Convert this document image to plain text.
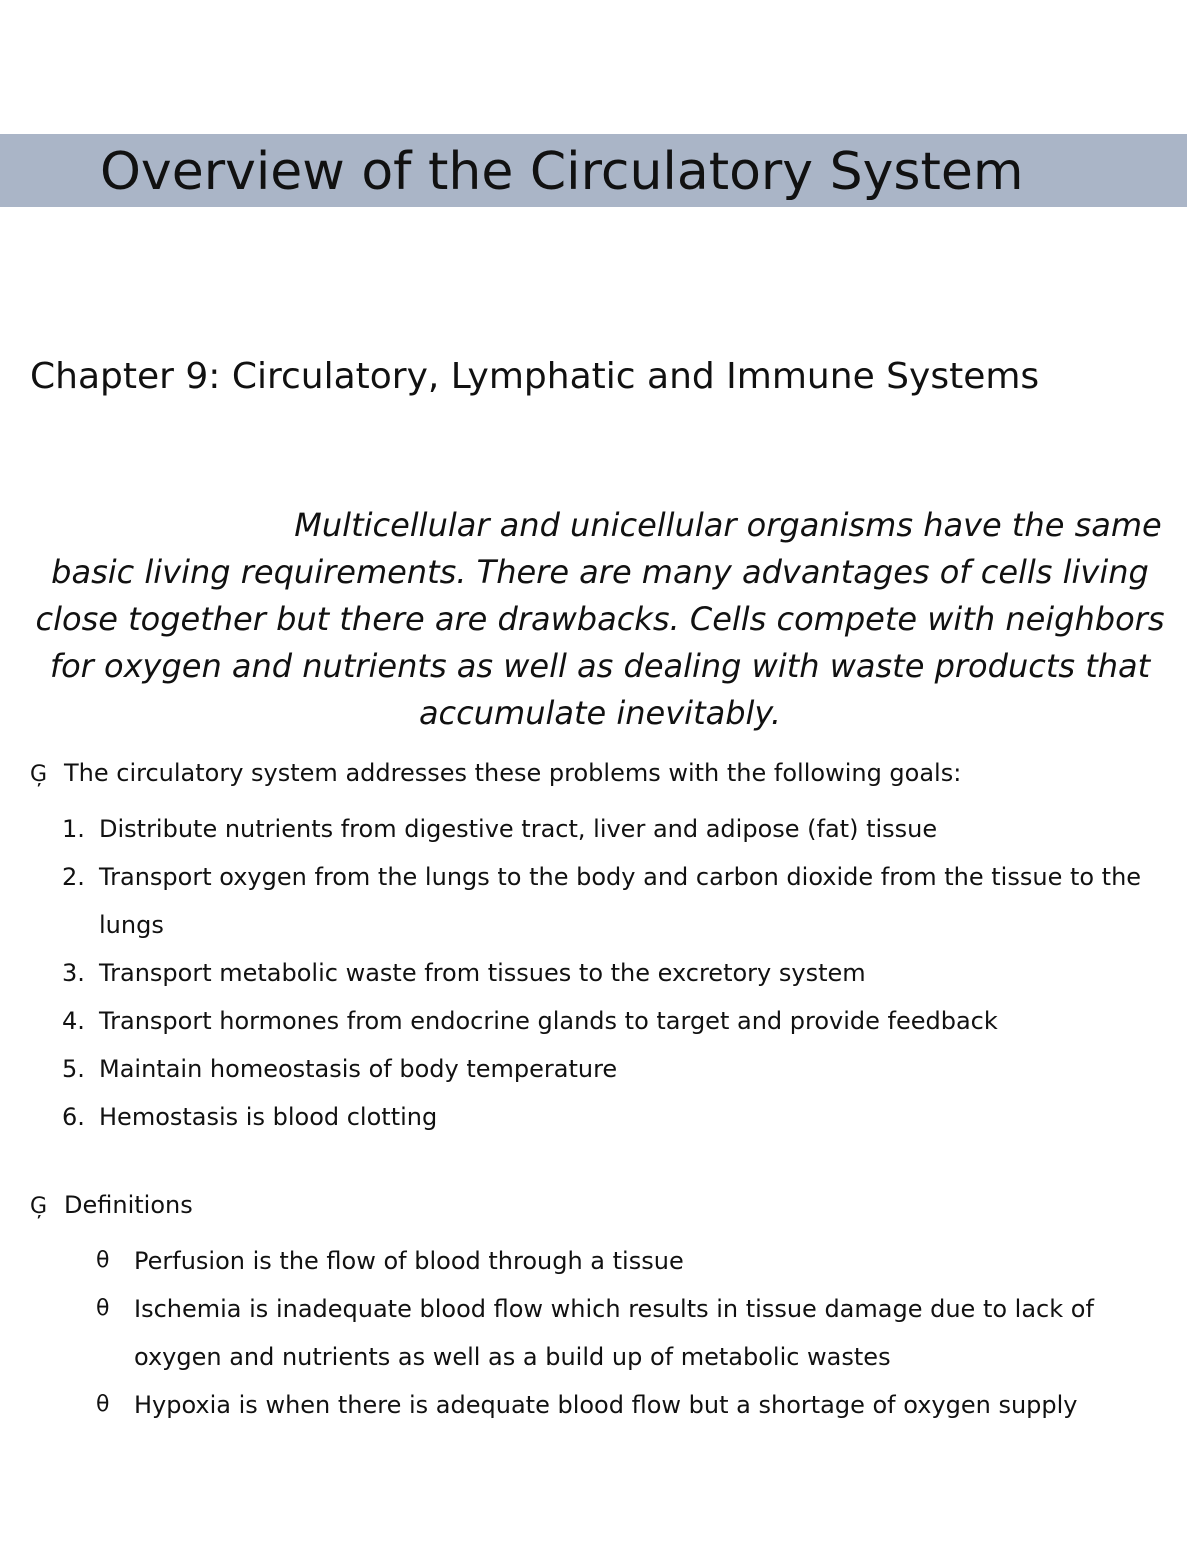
Overview of the Circulatory System
Chapter 9: Circulatory, Lymphatic and Immune Systems

Multicellular and unicellular organisms have the same basic living requirements. There are many advantages of cells living close together but there are drawbacks. Cells compete with neighbors for oxygen and nutrients as well as dealing with waste products that accumulate inevitably.

Ģ The circulatory system addresses these problems with the following goals:
1. Distribute nutrients from digestive tract, liver and adipose (fat) tissue
2. Transport oxygen from the lungs to the body and carbon dioxide from the tissue to the lungs
3. Transport metabolic waste from tissues to the excretory system
4. Transport hormones from endocrine glands to target and provide feedback
5. Maintain homeostasis of body temperature
6. Hemostasis is blood clotting
Ģ Definitions
θ Perfusion is the flow of blood through a tissue
θ Ischemia is inadequate blood flow which results in tissue damage due to lack of oxygen and nutrients as well as a build up of metabolic wastes
θ Hypoxia is when there is adequate blood flow but a shortage of oxygen supply
